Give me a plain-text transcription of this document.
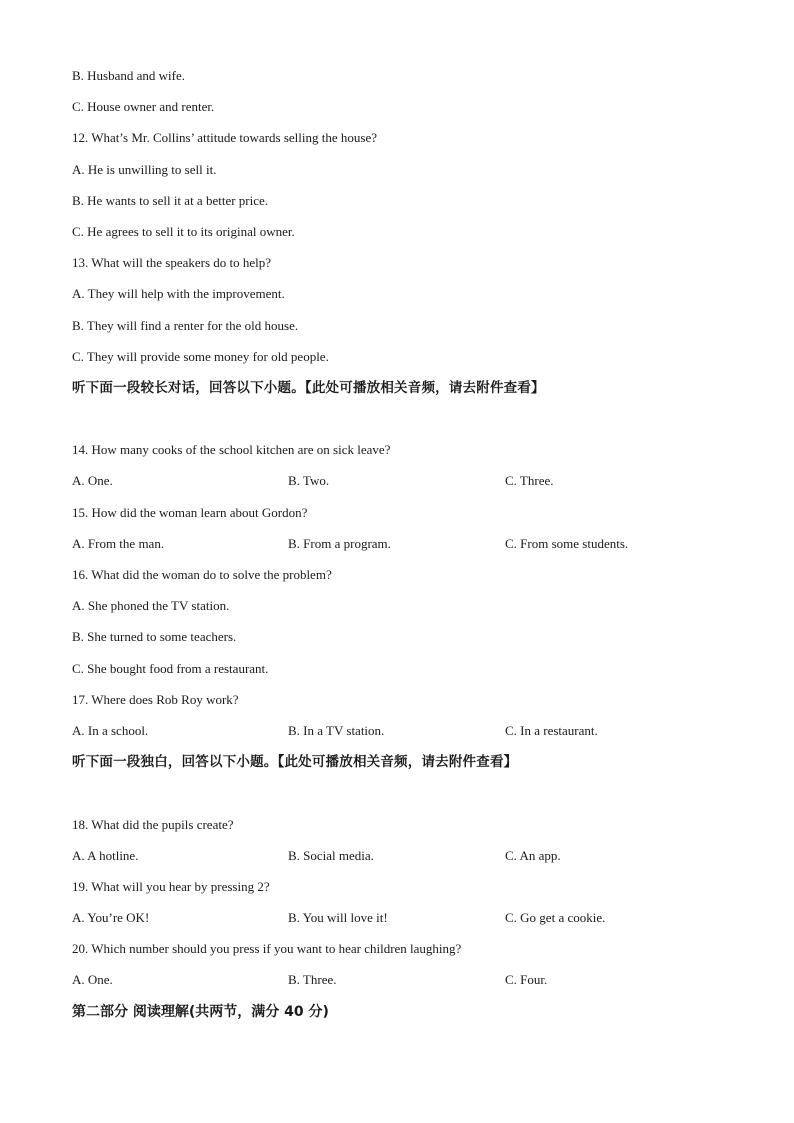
B. Husband and wife.
C. House owner and renter.
12. What’s Mr. Collins’ attitude towards selling the house?
A. He is unwilling to sell it.
B. He wants to sell it at a better price.
C. He agrees to sell it to its original owner.
13. What will the speakers do to help?
A. They will help with the improvement.
B. They will find a renter for the old house.
C. They will provide some money for old people.
听下面一段较长对话，回答以下小题。【此处可播放相关音频，请去附件查看】
14. How many cooks of the school kitchen are on sick leave?
A. One.	B. Two.	C. Three.
15. How did the woman learn about Gordon?
A. From the man.	B. From a program.	C. From some students.
16. What did the woman do to solve the problem?
A. She phoned the TV station.
B. She turned to some teachers.
C. She bought food from a restaurant.
17. Where does Rob Roy work?
A. In a school.	B. In a TV station.	C. In a restaurant.
听下面一段独白，回答以下小题。【此处可播放相关音频，请去附件查看】
18. What did the pupils create?
A. A hotline.	B. Social media.	C. An app.
19. What will you hear by pressing 2?
A. You’re OK!	B. You will love it!	C. Go get a cookie.
20. Which number should you press if you want to hear children laughing?
A. One.	B. Three.	C. Four.
第二部分 阅读理解(共两节，满分 40 分)
